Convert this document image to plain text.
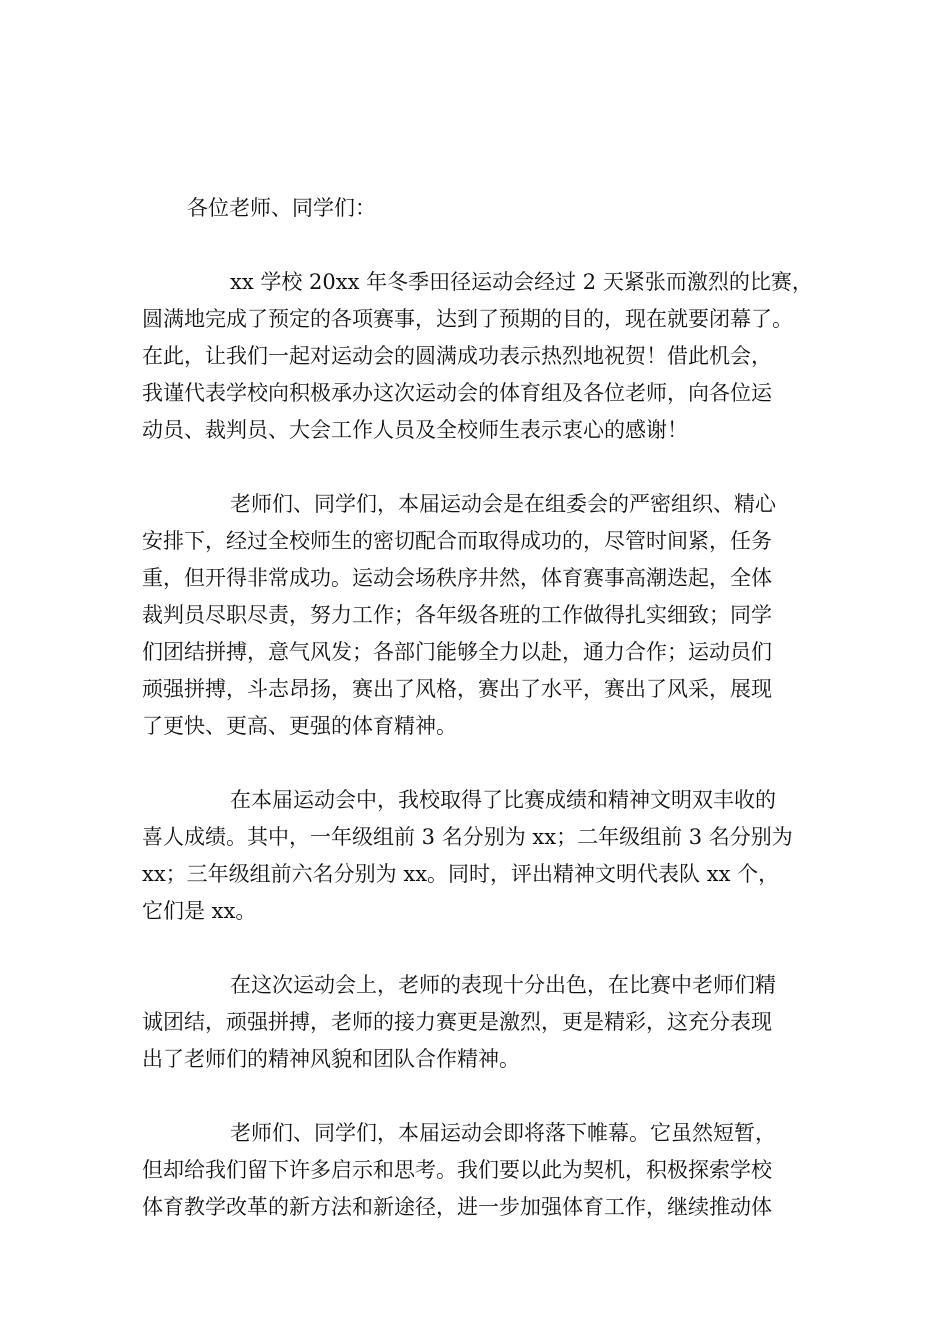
各位老师、同学们：

xx 学校 20xx 年冬季田径运动会经过 2 天紧张而激烈的比赛，
圆满地完成了预定的各项赛事，达到了预期的目的，现在就要闭幕了。
在此，让我们一起对运动会的圆满成功表示热烈地祝贺！借此机会，
我谨代表学校向积极承办这次运动会的体育组及各位老师，向各位运
动员、裁判员、大会工作人员及全校师生表示衷心的感谢！

老师们、同学们，本届运动会是在组委会的严密组织、精心
安排下，经过全校师生的密切配合而取得成功的，尽管时间紧，任务
重，但开得非常成功。运动会场秩序井然，体育赛事高潮迭起，全体
裁判员尽职尽责，努力工作；各年级各班的工作做得扎实细致；同学
们团结拼搏，意气风发；各部门能够全力以赴，通力合作；运动员们
顽强拼搏，斗志昂扬，赛出了风格，赛出了水平，赛出了风采，展现
了更快、更高、更强的体育精神。

在本届运动会中，我校取得了比赛成绩和精神文明双丰收的
喜人成绩。其中，一年级组前 3 名分别为 xx；二年级组前 3 名分别为
xx；三年级组前六名分别为 xx。同时，评出精神文明代表队 xx 个，
它们是 xx。

在这次运动会上，老师的表现十分出色，在比赛中老师们精
诚团结，顽强拼搏，老师的接力赛更是激烈，更是精彩，这充分表现
出了老师们的精神风貌和团队合作精神。

老师们、同学们，本届运动会即将落下帷幕。它虽然短暂，
但却给我们留下许多启示和思考。我们要以此为契机，积极探索学校
体育教学改革的新方法和新途径，进一步加强体育工作，继续推动体
